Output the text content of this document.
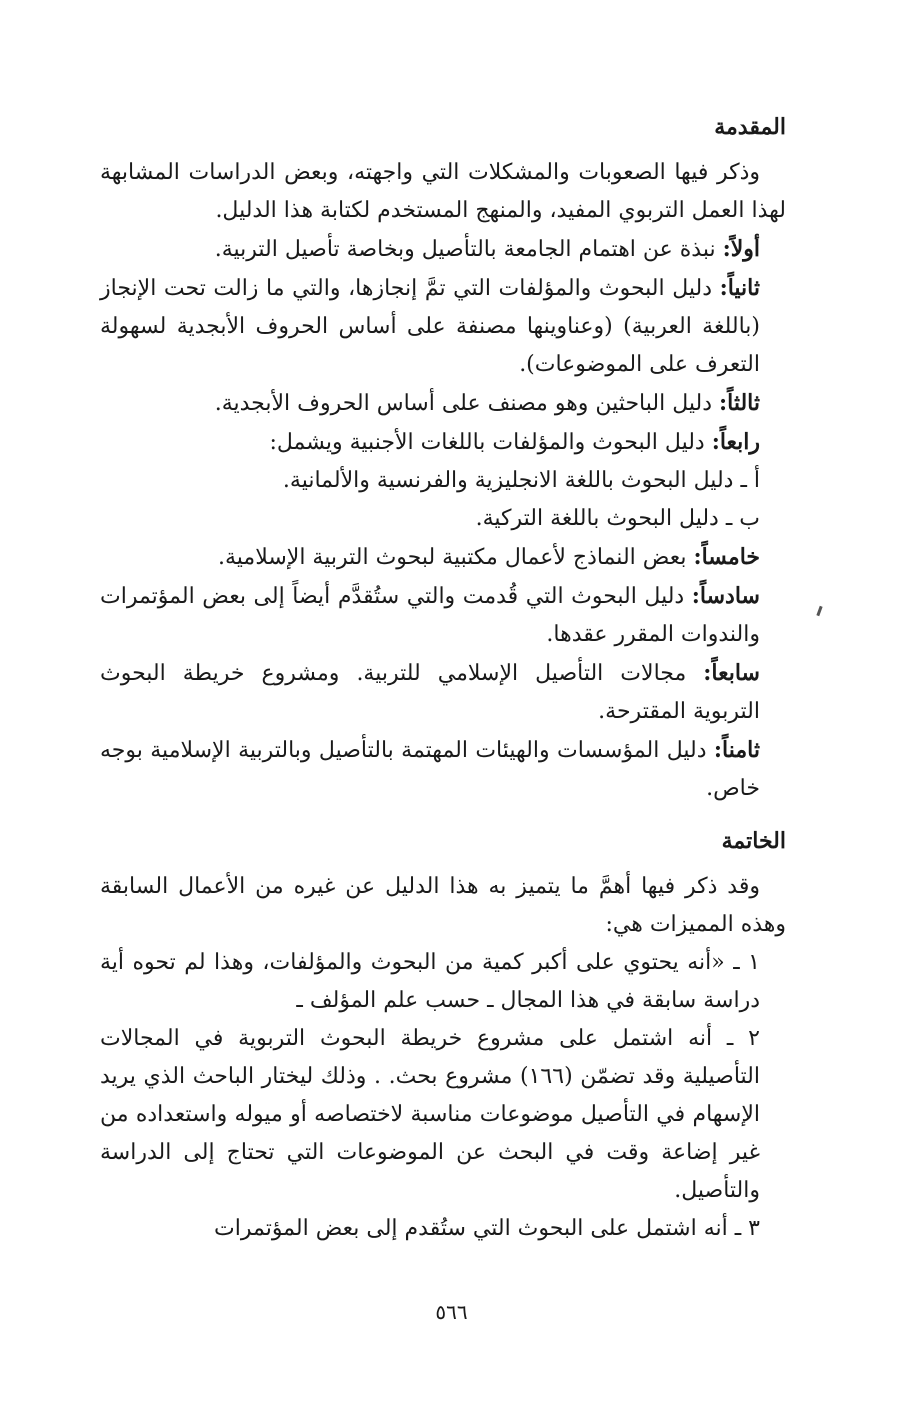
المقدمة

وذكر فيها الصعوبات والمشكلات التي واجهته، وبعض الدراسات المشابهة لهذا العمل التربوي المفيد، والمنهج المستخدم لكتابة هذا الدليل.

أولاً: نبذة عن اهتمام الجامعة بالتأصيل وبخاصة تأصيل التربية.

ثانياً: دليل البحوث والمؤلفات التي تمَّ إنجازها، والتي ما زالت تحت الإنجاز (باللغة العربية) (وعناوينها مصنفة على أساس الحروف الأبجدية لسهولة التعرف على الموضوعات).

ثالثاً: دليل الباحثين وهو مصنف على أساس الحروف الأبجدية.

رابعاً: دليل البحوث والمؤلفات باللغات الأجنبية ويشمل:

أ ـ دليل البحوث باللغة الانجليزية والفرنسية والألمانية.

ب ـ دليل البحوث باللغة التركية.

خامساً: بعض النماذج لأعمال مكتبية لبحوث التربية الإسلامية.

سادساً: دليل البحوث التي قُدمت والتي ستُقدَّم أيضاً إلى بعض المؤتمرات والندوات المقرر عقدها.

سابعاً: مجالات التأصيل الإسلامي للتربية. ومشروع خريطة البحوث التربوية المقترحة.

ثامناً: دليل المؤسسات والهيئات المهتمة بالتأصيل وبالتربية الإسلامية بوجه خاص.

الخاتمة

وقد ذكر فيها أهمَّ ما يتميز به هذا الدليل عن غيره من الأعمال السابقة وهذه المميزات هي:

١ ـ «أنه يحتوي على أكبر كمية من البحوث والمؤلفات، وهذا لم تحوه أية دراسة سابقة في هذا المجال ـ حسب علم المؤلف ـ

٢ ـ أنه اشتمل على مشروع خريطة البحوث التربوية في المجالات التأصيلية وقد تضمّن (١٦٦) مشروع بحث. . وذلك ليختار الباحث الذي يريد الإسهام في التأصيل موضوعات مناسبة لاختصاصه أو ميوله واستعداده من غير إضاعة وقت في البحث عن الموضوعات التي تحتاج إلى الدراسة والتأصيل.

٣ ـ أنه اشتمل على البحوث التي ستُقدم إلى بعض المؤتمرات

٥٦٦
